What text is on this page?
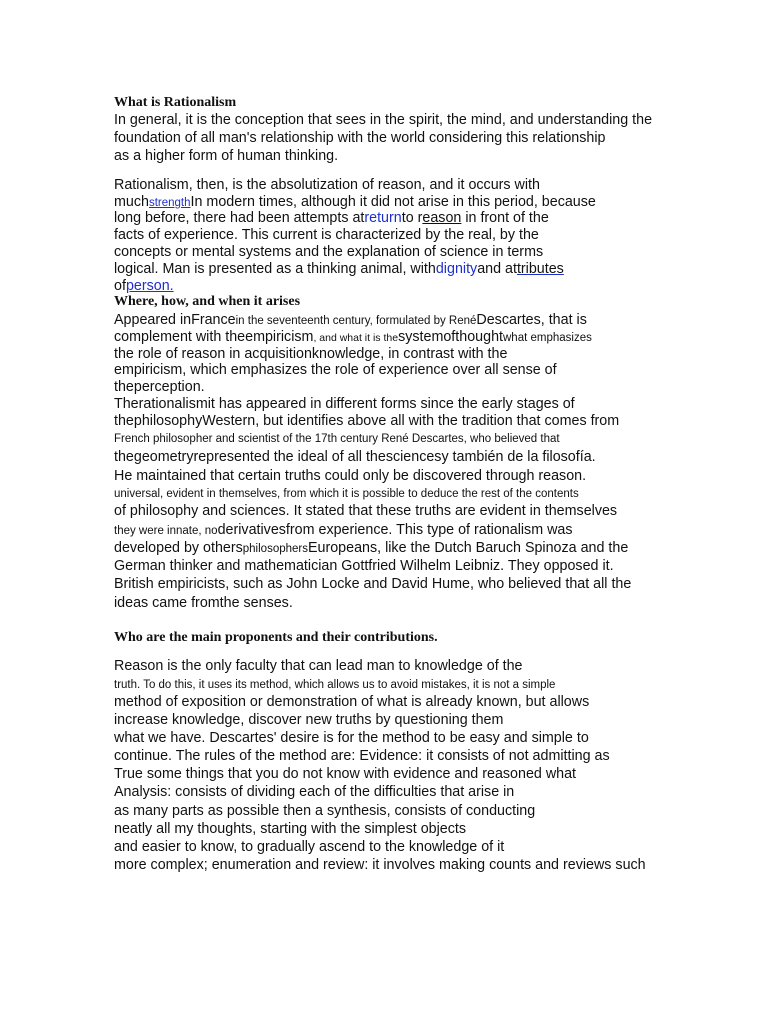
What is Rationalism
In general, it is the conception that sees in the spirit, the mind, and understanding the
foundation of all man's relationship with the world considering this relationship
as a higher form of human thinking.
Rationalism, then, is the absolutization of reason, and it occurs with
muchstrengthIn modern times, although it did not arise in this period, because
long before, there had been attempts atreturnto reason in front of the
facts of experience. This current is characterized by the real, by the
concepts or mental systems and the explanation of science in terms
logical. Man is presented as a thinking animal, withdignityand attributes
ofperson.
Where, how, and when it arises
Appeared inFrancein the seventeenth century, formulated by RenéDescartes, that is
complement with theempiricism, and what it is thesystemofthoughtwhat emphasizes
the role of reason in acquisitionknowledge, in contrast with the
empiricism, which emphasizes the role of experience over all sense of
theperception.
Therationalismit has appeared in different forms since the early stages of
thephilosophyWestern, but identifies above all with the tradition that comes from
French philosopher and scientist of the 17th century René Descartes, who believed that
thegeometryrepresented the ideal of all thesciencesy también de la filosofía.
He maintained that certain truths could only be discovered through reason.
universal, evident in themselves, from which it is possible to deduce the rest of the contents
of philosophy and sciences. It stated that these truths are evident in themselves
they were innate, noderivativesfrom experience. This type of rationalism was
developed by othersphilosophersEuropeans, like the Dutch Baruch Spinoza and the
German thinker and mathematician Gottfried Wilhelm Leibniz. They opposed it.
British empiricists, such as John Locke and David Hume, who believed that all the
ideas came fromthe senses.
Who are the main proponents and their contributions.
Reason is the only faculty that can lead man to knowledge of the
truth. To do this, it uses its method, which allows us to avoid mistakes, it is not a simple
method of exposition or demonstration of what is already known, but allows
increase knowledge, discover new truths by questioning them
what we have. Descartes' desire is for the method to be easy and simple to
continue. The rules of the method are: Evidence: it consists of not admitting as
True some things that you do not know with evidence and reasoned what
Analysis: consists of dividing each of the difficulties that arise in
as many parts as possible then a synthesis, consists of conducting
neatly all my thoughts, starting with the simplest objects
and easier to know, to gradually ascend to the knowledge of it
more complex; enumeration and review: it involves making counts and reviews such
